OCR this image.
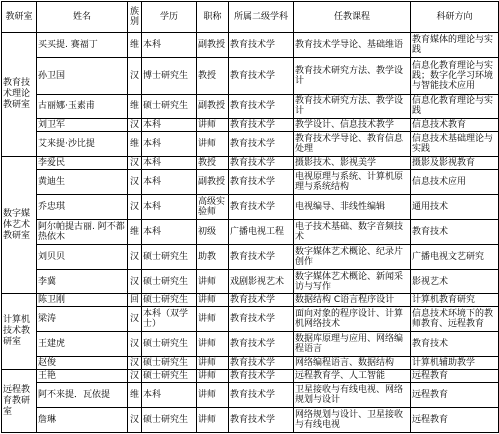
教研室	姓名	族别	学历	职称	所属二级学科	任教课程	科研方向
教育技术理论教研室	买买提. 赛福丁	维	本科	副教授	教育技术学	教育技术学导论、基础维语	教育媒体的理论与实践
	孙卫国	汉	博士研究生	教授	教育技术学	教育技术研究方法、教学设计	信息化教育理论与实践；数字化学习环境与智能技术应用
	古丽娜·玉素甫	维	硕士研究生	副教授	教育技术学	教育技术研究方法、教学设计	信息化教育理论与实践
	刘卫军	汉	本科	讲师	教育技术学	教学设计、信息技术教学	信息技术教育
	艾来提·沙比提	维	本科	讲师	教育技术学	教育技术学导论、教育信息处理	信息技术基础理论与实践
数字媒体艺术教研室	李爱民	汉	本科	教授	教育技术学	摄影技术、影视美学	摄影及影视教育
	黄迪生	汉	本科	副教授	教育技术学	电视原理与系统、计算机原理与系统结构	信息技术应用
	乔忠琪	汉	本科	高级实验师	教育技术学	电视编导、非线性编辑	通用技术
	阿尔帕提古丽. 阿不都热依木	维	本科	初级	广播电视工程	电子技术基础、数字音频技术	教育技术
	刘贝贝	汉	硕士研究生	助教	教育技术学	数字媒体艺术概论、纪录片创作	广播电视文艺研究
	李冀	汉	硕士研究生	讲师	戏剧影视艺术	数字媒体艺术概论、新闻采访与写作	影视艺术
计算机技术教研室	陈卫刚	回	硕士研究生	讲师	教育技术学	数据结构 C语言程序设计	计算机教育研究
	梁涛	汉	本科（双学士）	讲师	教育技术学	面向对象的程序设计、计算机网络技术	信息技术环境下的教师教育、远程教育
	王建虎	汉	硕士研究生	讲师	教育技术学	数据库原理与应用、网络编程语言	教育技术
	赵俊	汉	硕士研究生	讲师	教育技术学	网络编程语言、数据结构	计算机辅助教学
远程教育教研室	王艳	汉	硕士研究生	讲师	教育技术学	远程教育学、人工智能	远程教育
	阿不来提．瓦依提	维	本科	讲师	教育技术学	卫星接收与有线电视、网络规划与设计	远程教育
	詹琳	汉	硕士研究生	讲师	教育技术学	网络规划与设计、卫星接收与有线电视	远程教育
